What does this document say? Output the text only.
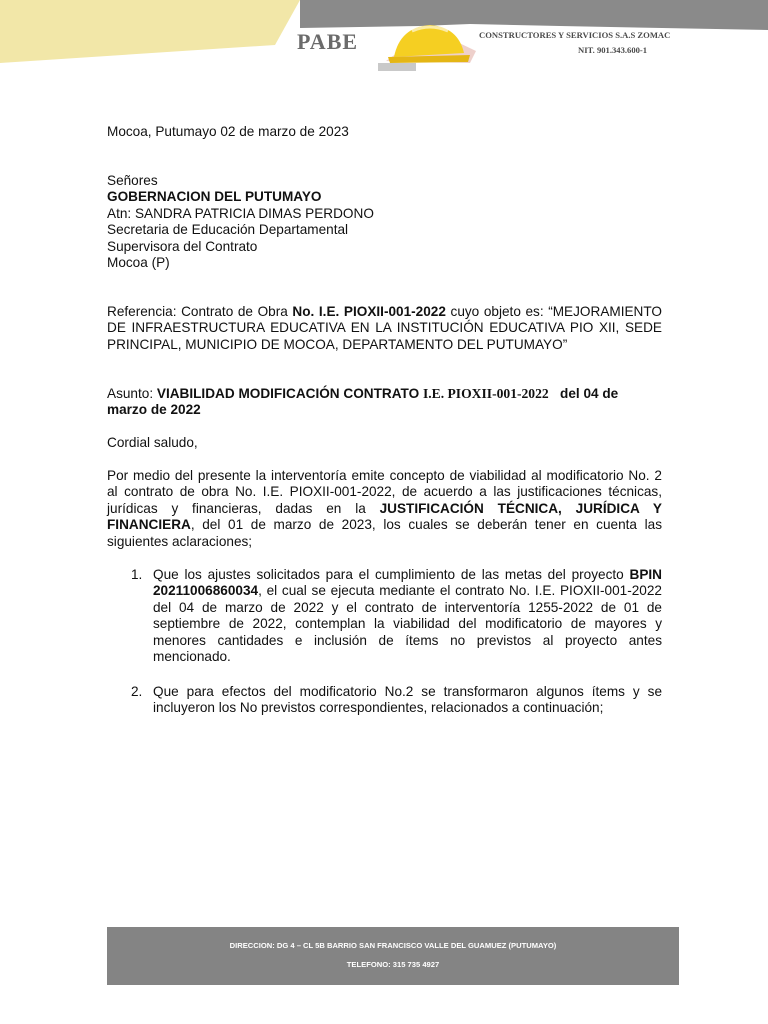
PABE	CONSTRUCTORES Y SERVICIOS S.A.S ZOMAC
NIT. 901.343.600-1
Mocoa, Putumayo 02 de marzo de 2023
Señores
GOBERNACION DEL PUTUMAYO
Atn: SANDRA PATRICIA DIMAS PERDONO
Secretaria de Educación Departamental
Supervisora del Contrato
Mocoa (P)
Referencia: Contrato de Obra No. I.E. PIOXII-001-2022 cuyo objeto es: “MEJORAMIENTO DE INFRAESTRUCTURA EDUCATIVA EN LA INSTITUCIÓN EDUCATIVA PIO XII, SEDE PRINCIPAL, MUNICIPIO DE MOCOA, DEPARTAMENTO DEL PUTUMAYO”
Asunto: VIABILIDAD MODIFICACIÓN CONTRATO I.E. PIOXII-001-2022   del 04 de marzo de 2022
Cordial saludo,
Por medio del presente la interventoría emite concepto de viabilidad al modificatorio No. 2 al contrato de obra No. I.E. PIOXII-001-2022, de acuerdo a las justificaciones técnicas, jurídicas y financieras, dadas en la JUSTIFICACIÓN TÉCNICA, JURÍDICA Y FINANCIERA, del 01 de marzo de 2023, los cuales se deberán tener en cuenta las siguientes aclaraciones;
1. Que los ajustes solicitados para el cumplimiento de las metas del proyecto BPIN 20211006860034, el cual se ejecuta mediante el contrato No. I.E. PIOXII-001-2022 del 04 de marzo de 2022 y el contrato de interventoría 1255-2022 de 01 de septiembre de 2022, contemplan la viabilidad del modificatorio de mayores y menores cantidades e inclusión de ítems no previstos al proyecto antes mencionado.
2. Que para efectos del modificatorio No.2 se transformaron algunos ítems y se incluyeron los No previstos correspondientes, relacionados a continuación;
DIRECCION: DG 4 – CL 5B BARRIO SAN FRANCISCO VALLE DEL GUAMUEZ (PUTUMAYO)
TELEFONO: 315 735 4927
